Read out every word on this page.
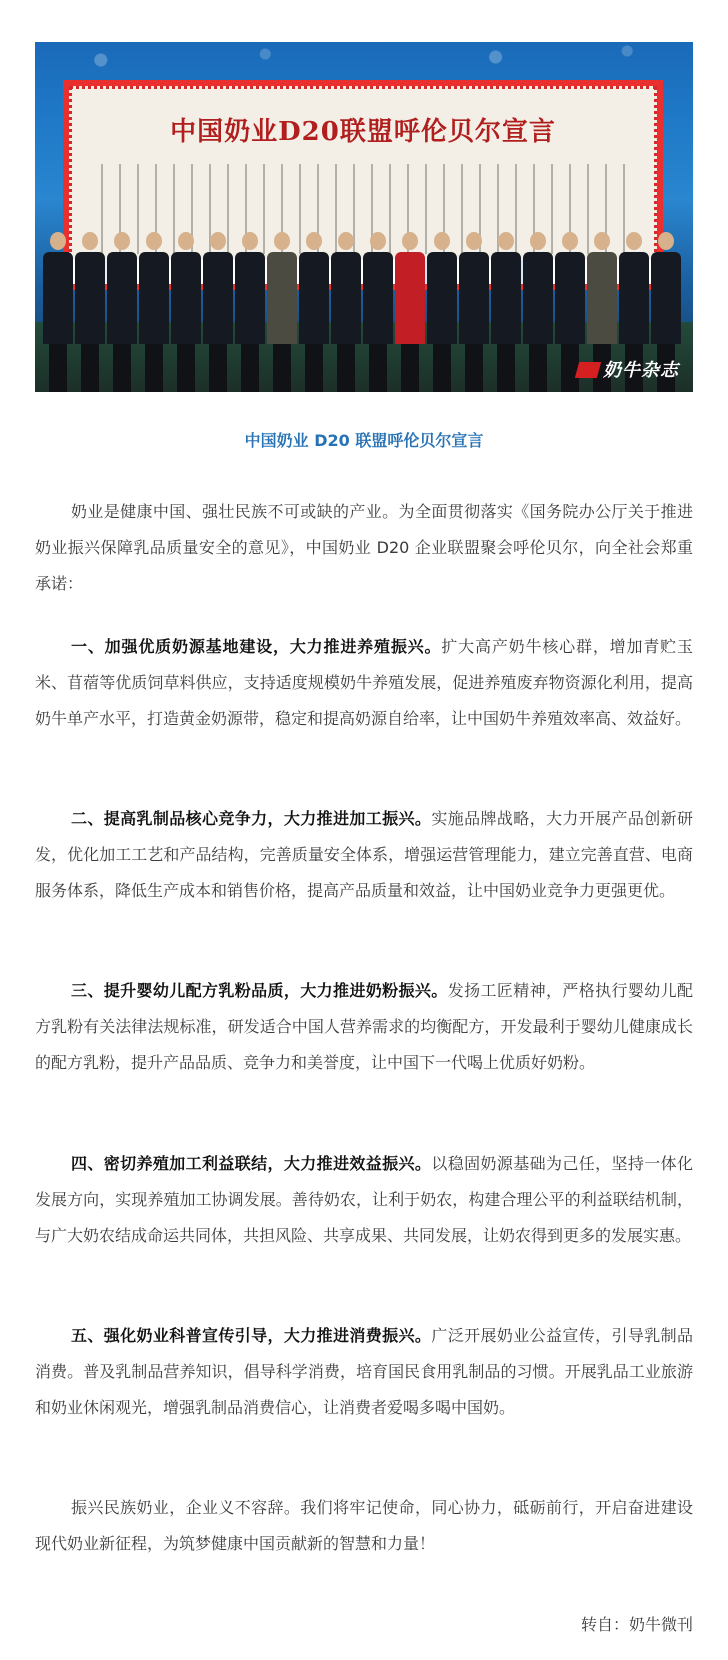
中国奶业D20联盟呼伦贝尔宣言
奶牛杂志
中国奶业 D20 联盟呼伦贝尔宣言

奶业是健康中国、强壮民族不可或缺的产业。为全面贯彻落实《国务院办公厅关于推进奶业振兴保障乳品质量安全的意见》，中国奶业 D20 企业联盟聚会呼伦贝尔，向全社会郑重承诺：

一、加强优质奶源基地建设，大力推进养殖振兴。扩大高产奶牛核心群，增加青贮玉米、苜蓿等优质饲草料供应，支持适度规模奶牛养殖发展，促进养殖废弃物资源化利用，提高奶牛单产水平，打造黄金奶源带，稳定和提高奶源自给率，让中国奶牛养殖效率高、效益好。

二、提高乳制品核心竞争力，大力推进加工振兴。实施品牌战略，大力开展产品创新研发，优化加工工艺和产品结构，完善质量安全体系，增强运营管理能力，建立完善直营、电商服务体系，降低生产成本和销售价格，提高产品质量和效益，让中国奶业竞争力更强更优。

三、提升婴幼儿配方乳粉品质，大力推进奶粉振兴。发扬工匠精神，严格执行婴幼儿配方乳粉有关法律法规标准，研发适合中国人营养需求的均衡配方，开发最利于婴幼儿健康成长的配方乳粉，提升产品品质、竞争力和美誉度，让中国下一代喝上优质好奶粉。

四、密切养殖加工利益联结，大力推进效益振兴。以稳固奶源基础为己任，坚持一体化发展方向，实现养殖加工协调发展。善待奶农，让利于奶农，构建合理公平的利益联结机制，与广大奶农结成命运共同体，共担风险、共享成果、共同发展，让奶农得到更多的发展实惠。

五、强化奶业科普宣传引导，大力推进消费振兴。广泛开展奶业公益宣传，引导乳制品消费。普及乳制品营养知识，倡导科学消费，培育国民食用乳制品的习惯。开展乳品工业旅游和奶业休闲观光，增强乳制品消费信心，让消费者爱喝多喝中国奶。

振兴民族奶业，企业义不容辞。我们将牢记使命，同心协力，砥砺前行，开启奋进建设现代奶业新征程，为筑梦健康中国贡献新的智慧和力量！

转自：奶牛微刊
